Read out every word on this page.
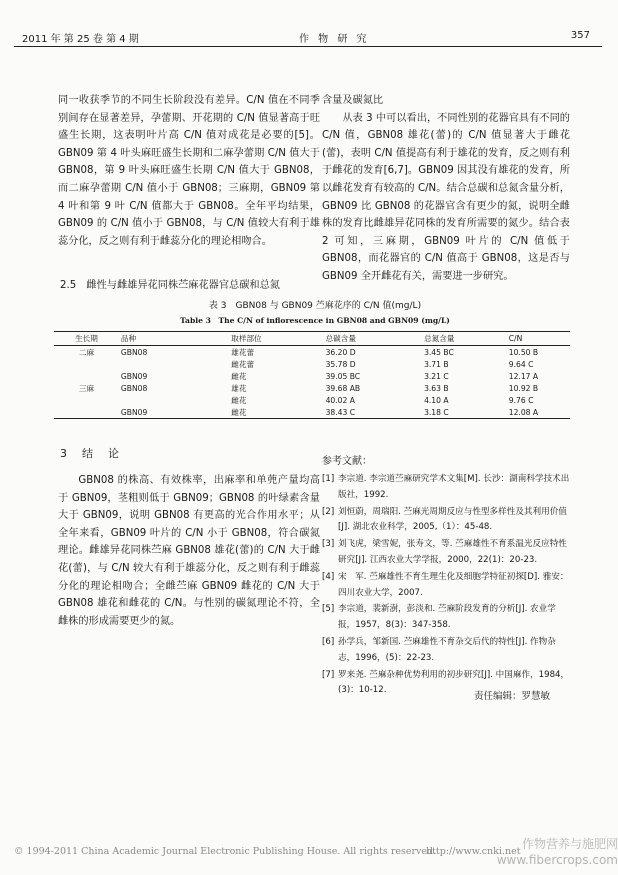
2011 年 第 25 卷 第 4 期	作 物 研 究	357

同一收获季节的不同生长阶段没有差异。C/N 值在不同季别间存在显著差异，孕蕾期、开花期的 C/N 值显著高于旺盛生长期，这表明叶片高 C/N 值对成花是必要的[5]。GBN09 第 4 叶头麻旺盛生长期和二麻孕蕾期 C/N 值大于 GBN08，第 9 叶头麻旺盛生长期 C/N 值大于 GBN08，而二麻孕蕾期 C/N 值小于 GBN08；三麻期，GBN09 第 4 叶和第 9 叶 C/N 值都大于 GBN08。全年平均结果，GBN09 的 C/N 值小于 GBN08，与 C/N 值较大有利于雄蕊分化，反之则有利于雌蕊分化的理论相吻合。

2.5　雌性与雌雄异花同株苎麻花器官总碳和总氮

含量及碳氮比

从表 3 中可以看出，不同性别的花器官具有不同的 C/N 值，GBN08 雄花(蕾)的 C/N 值显著大于雌花(蕾)，表明 C/N 值提高有利于雄花的发育，反之则有利于雌花的发育[6,7]。GBN09 因其没有雄花的发育，所以雌花发育有较高的 C/N。结合总碳和总氮含量分析，GBN09 比 GBN08 的花器官含有更少的氮，说明全雌株的发育比雌雄异花同株的发育所需要的氮少。结合表 2 可知，三麻期，GBN09 叶片的 C/N 值低于 GBN08，而花器官的 C/N 值高于 GBN08，这是否与 GBN09 全开雌花有关，需要进一步研究。

表 3　GBN08 与 GBN09 苎麻花序的 C/N 值(mg/L)
Table 3　The C/N of inflorescence in GBN08 and GBN09 (mg/L)
生长期	品种	取样部位	总碳含量	总氮含量	C/N
二麻	GBN08	雄花蕾	36.20 D	3.45 BC	10.50 B
		雌花蕾	35.78 D	3.71 B	9.64 C
	GBN09	雌花	39.05 BC	3.21 C	12.17 A
三麻	GBN08	雄花	39.68 AB	3.63 B	10.92 B
		雌花	40.02 A	4.10 A	9.76 C
	GBN09	雌花	38.43 C	3.18 C	12.08 A
3　结　论

GBN08 的株高、有效株率，出麻率和单蔸产量均高于 GBN09，茎粗则低于 GBN09；GBN08 的叶绿素含量大于 GBN09，说明 GBN08 有更高的光合作用水平；从全年来看，GBN09 叶片的 C/N 小于 GBN08，符合碳氮理论。雌雄异花同株苎麻 GBN08 雄花(蕾)的 C/N 大于雌花(蕾)，与 C/N 较大有利于雄蕊分化，反之则有利于雌蕊分化的理论相吻合；全雌苎麻 GBN09 雌花的 C/N 大于 GBN08 雄花和雌花的 C/N。与性别的碳氮理论不符，全雌株的形成需要更少的氮。

参考文献：
[1] 李宗道. 李宗道苎麻研究学术文集[M]. 长沙：湖南科学技术出版社，1992.
[2] 刘恒蔚，周瑞阳. 苎麻光周期反应与性型多样性及其利用价值[J]. 湖北农业科学，2005,（1）：45-48.
[3] 刘飞虎，梁雪妮，张寿文，等. 苎麻雄性不育系温光反应特性研究[J]. 江西农业大学学报，2000，22(1)：20-23.
[4] 宋　军. 苎麻雄性不育生理生化及细胞学特征初探[D]. 雅安：四川农业大学，2007.
[5] 李宗道，裴新澍，彭淡和. 苎麻阶段发育的分析[J]. 农业学报，1957，8(3)：347-358.
[6] 孙学兵，邹新国. 苎麻雄性不育杂交后代的特性[J]. 作物杂志，1996，(5)：22-23.
[7] 罗来尧. 苎麻杂种优势利用的初步研究[J]. 中国麻作，1984，(3)：10-12.
责任编辑：罗慧敏
© 1994-2011 China Academic Journal Electronic Publishing House. All rights reserved.
http://www.cnki.net
作物营养与施肥网
www.fibercrops.com
